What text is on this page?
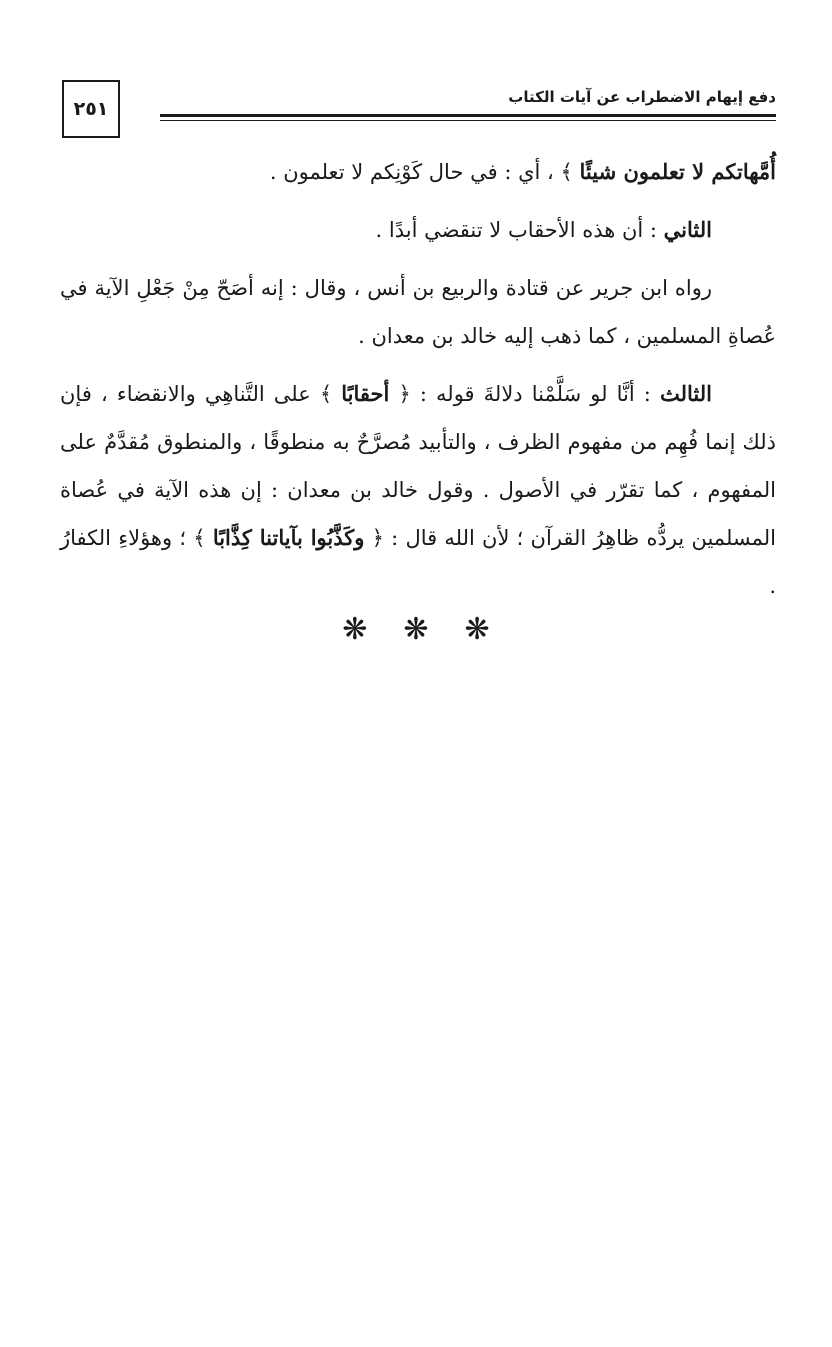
٢٥١
دفع إيهام الاضطراب عن آيات الكتاب

أُمَّهاتكم لا تعلمون شيئًا ﴾ ، أي : في حال كَوْنِكم لا تعلمون .

الثاني : أن هذه الأحقاب لا تنقضي أبدًا .

رواه ابن جرير عن قتادة والربيع بن أنس ، وقال : إنه أصَحّ مِنْ جَعْلِ الآية في عُصاةِ المسلمين ، كما ذهب إليه خالد بن معدان .

الثالث : أنَّا لو سَلَّمْنا دلالةَ قوله : ﴿ أحقابًا ﴾ على التَّناهِي والانقضاء ، فإن ذلك إنما فُهِم من مفهوم الظرف ، والتأبيد مُصرَّحٌ به منطوقًا ، والمنطوق مُقدَّمٌ على المفهوم ، كما تقرّر في الأصول . وقول خالد بن معدان : إن هذه الآية في عُصاة المسلمين يردُّه ظاهِرُ القرآن ؛ لأن الله قال : ﴿ وكَذَّبُوا بآياتنا كِذَّابًا ﴾ ؛ وهؤلاءِ الكفارُ .

❋❋❋
